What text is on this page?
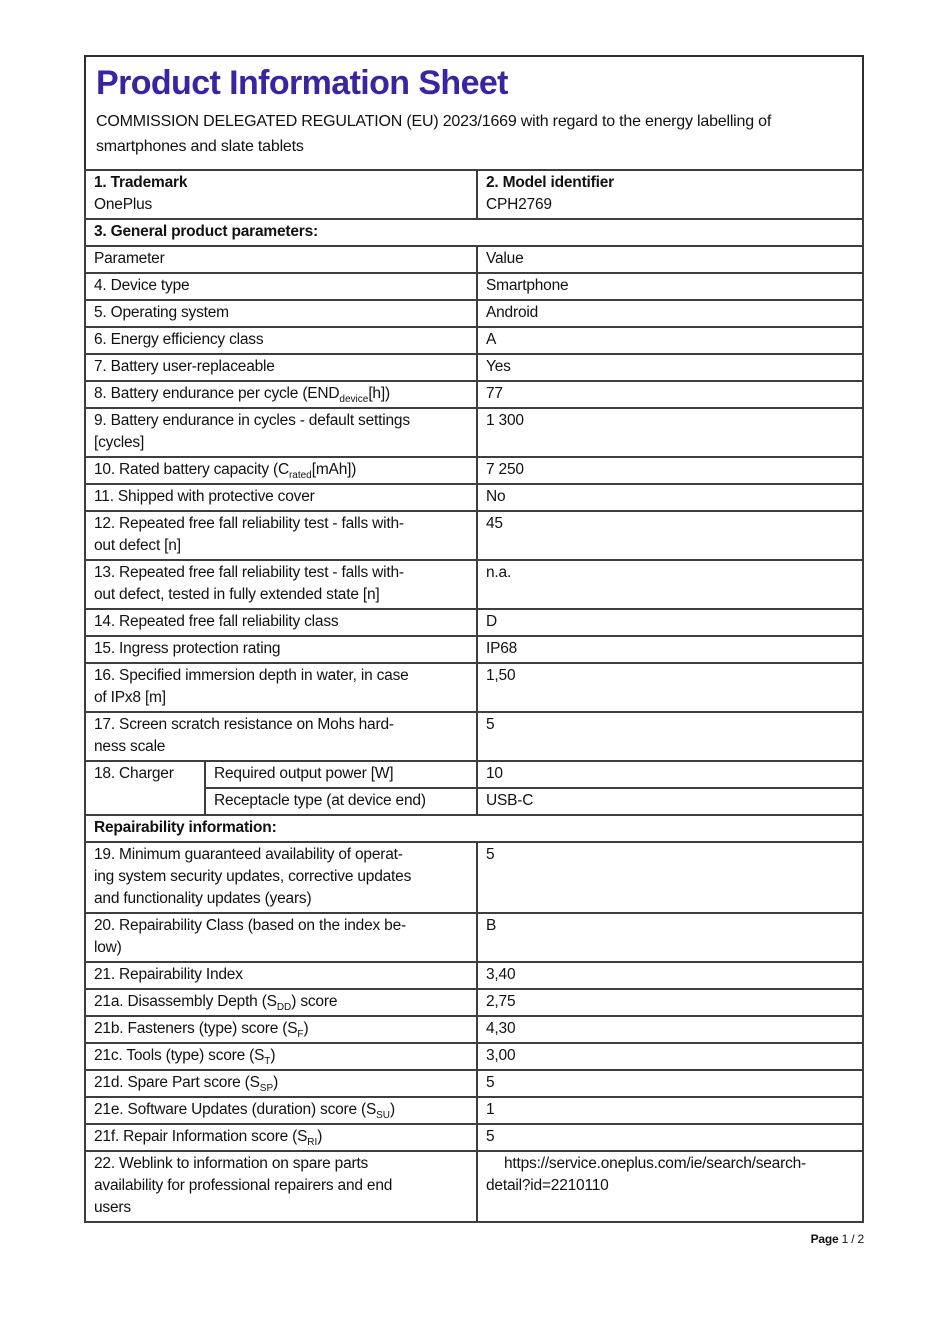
Product Information Sheet
COMMISSION DELEGATED REGULATION (EU) 2023/1669 with regard to the energy labelling of
smartphones and slate tablets
1. Trademark
OnePlus

2. Model identifier
CPH2769

3. General product parameters:		
Parameter		Value
4. Device type		Smartphone
5. Operating system		Android
6. Energy efficiency class		A
7. Battery user-replaceable		Yes
8. Battery endurance per cycle $(END_{device}[h])$		77
9. Battery endurance in cycles - default settings
[cycles]		1 300
10. Rated battery capacity $(C_{rated}[mAh])$		7 250
11. Shipped with protective cover		No
12. Repeated free fall reliability test - falls with-
out defect [n]		45
13. Repeated free fall reliability test - falls with-
out defect, tested in fully extended state [n]		n.a.
14. Repeated free fall reliability class		D
15. Ingress protection rating		IP68
16. Specified immersion depth in water, in case
of IPx8 [m]		1,50
17. Screen scratch resistance on Mohs hard-
ness scale		5
18. Charger	Required output power [W]	10
	Receptacle type (at device end)	USB-C
Repairability information:		
19. Minimum guaranteed availability of operat-
ing system security updates, corrective updates
and functionality updates (years)		5
20. Repairability Class (based on the index be-
low)		B
21. Repairability Index		3,40
21a. Disassembly Depth $(S_{DD})$ score		2,75
21b. Fasteners (type) score $(S_F)$		4,30
21c. Tools (type) score $(S_T)$		3,00
21d. Spare Part score $(S_{SP})$		5
21e. Software Updates (duration) score $(S_{SU})$		1
21f. Repair Information score $(S_{RI})$		5
22. Weblink to information on spare parts
availability for professional repairers and end
users		https://service.oneplus.com/ie/search/search-
detail?id=2210110
Page 1 / 2
